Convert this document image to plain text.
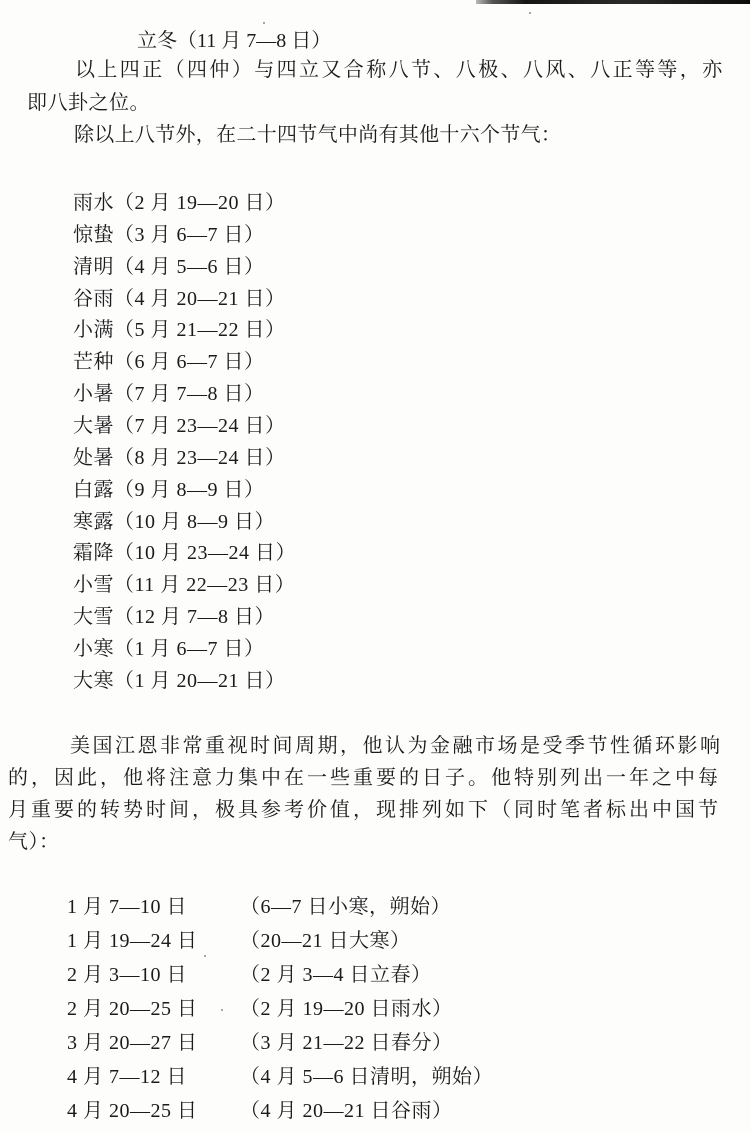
立冬（11 月 7—8 日）
以上四正（四仲）与四立又合称八节、八极、八风、八正等等，亦
即八卦之位。
除以上八节外，在二十四节气中尚有其他十六个节气：
雨水（2 月 19—20 日）
惊蛰（3 月 6—7 日）
清明（4 月 5—6 日）
谷雨（4 月 20—21 日）
小满（5 月 21—22 日）
芒种（6 月 6—7 日）
小暑（7 月 7—8 日）
大暑（7 月 23—24 日）
处暑（8 月 23—24 日）
白露（9 月 8—9 日）
寒露（10 月 8—9 日）
霜降（10 月 23—24 日）
小雪（11 月 22—23 日）
大雪（12 月 7—8 日）
小寒（1 月 6—7 日）
大寒（1 月 20—21 日）
美国江恩非常重视时间周期，他认为金融市场是受季节性循环影响
的，因此，他将注意力集中在一些重要的日子。他特别列出一年之中每
月重要的转势时间，极具参考价值，现排列如下（同时笔者标出中国节
气）：
1 月 7—10 日	（6—7 日小寒，朔始）
1 月 19—24 日 （20—21 日大寒）
2 月 3—10 日	（2 月 3—4 日立春）
2 月 20—25 日 （2 月 19—20 日雨水）
3 月 20—27 日 （3 月 21—22 日春分）
4 月 7—12 日	（4 月 5—6 日清明，朔始）
4 月 20—25 日 （4 月 20—21 日谷雨）
